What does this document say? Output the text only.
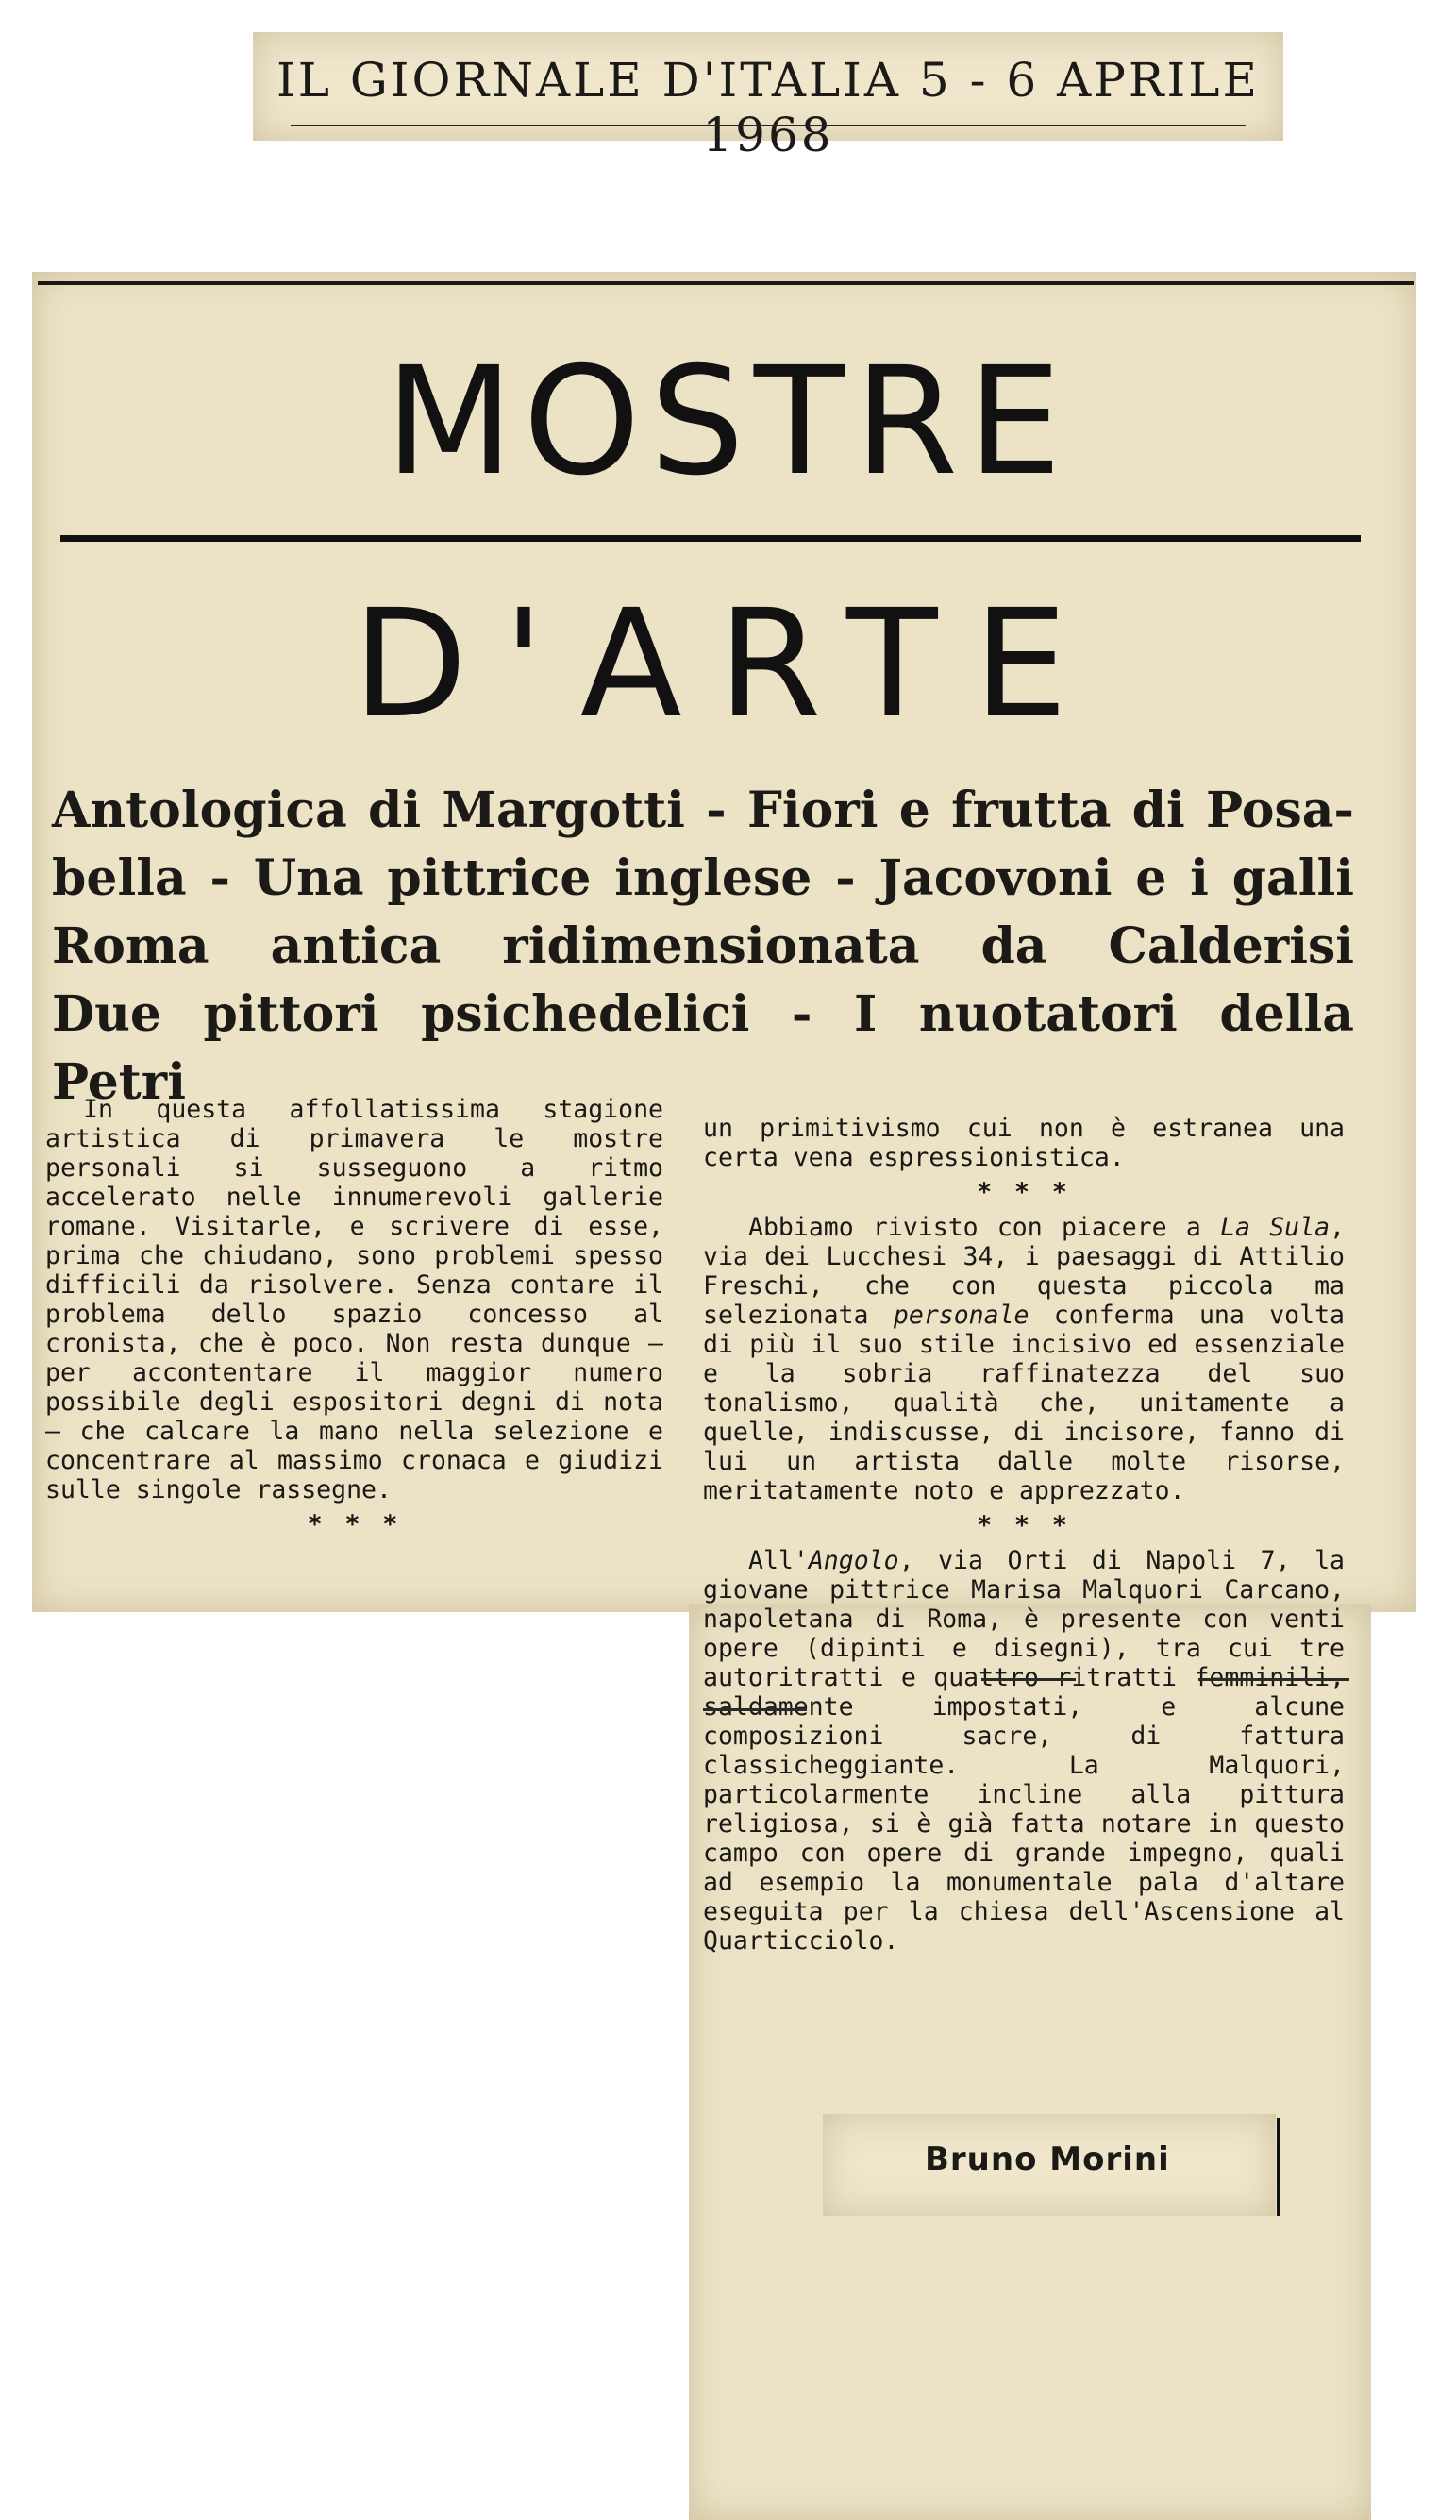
IL GIORNALE D'ITALIA 5 - 6 APRILE 1968
MOSTRE
D'ARTE
Antologica di Margotti - Fiori e frutta di Posa-
bella - Una pittrice inglese - Jacovoni e i galli
Roma antica ridimensionata da Calderisi
Due pittori psichedelici - I nuotatori della Petri

In questa affollatissima stagione artistica di primavera le mostre personali si susseguono a ritmo accelerato nelle innumerevoli gallerie romane. Visitarle, e scrivere di esse, prima che chiudano, sono problemi spesso difficili da risolvere. Senza contare il problema dello spazio concesso al cronista, che è poco. Non resta dunque — per accontentare il maggior numero possibile degli espositori degni di nota — che calcare la mano nella selezione e concentrare al massimo cronaca e giudizi sulle singole rassegne.

* * *

un primitivismo cui non è estranea una certa vena espressionistica.

* * *

Abbiamo rivisto con piacere a La Sula, via dei Lucchesi 34, i paesaggi di Attilio Freschi, che con questa piccola ma selezionata personale conferma una volta di più il suo stile incisivo ed essenziale e la sobria raffinatezza del suo tonalismo, qualità che, unitamente a quelle, indiscusse, di incisore, fanno di lui un artista dalle molte risorse, meritatamente noto e apprezzato.

* * *

All'Angolo, via Orti di Napoli 7, la giovane pittrice Marisa Malquori Carcano, napoletana di Roma, è presente con venti opere (dipinti e disegni), tra cui tre autoritratti e quattro ritratti femminili, saldamente impostati, e alcune composizioni sacre, di fattura classicheggiante. La Malquori, particolarmente incline alla pittura religiosa, si è già fatta notare in questo campo con opere di grande impegno, quali ad esempio la monumentale pala d'altare eseguita per la chiesa dell'Ascensione al Quarticciolo.

Bruno Morini
